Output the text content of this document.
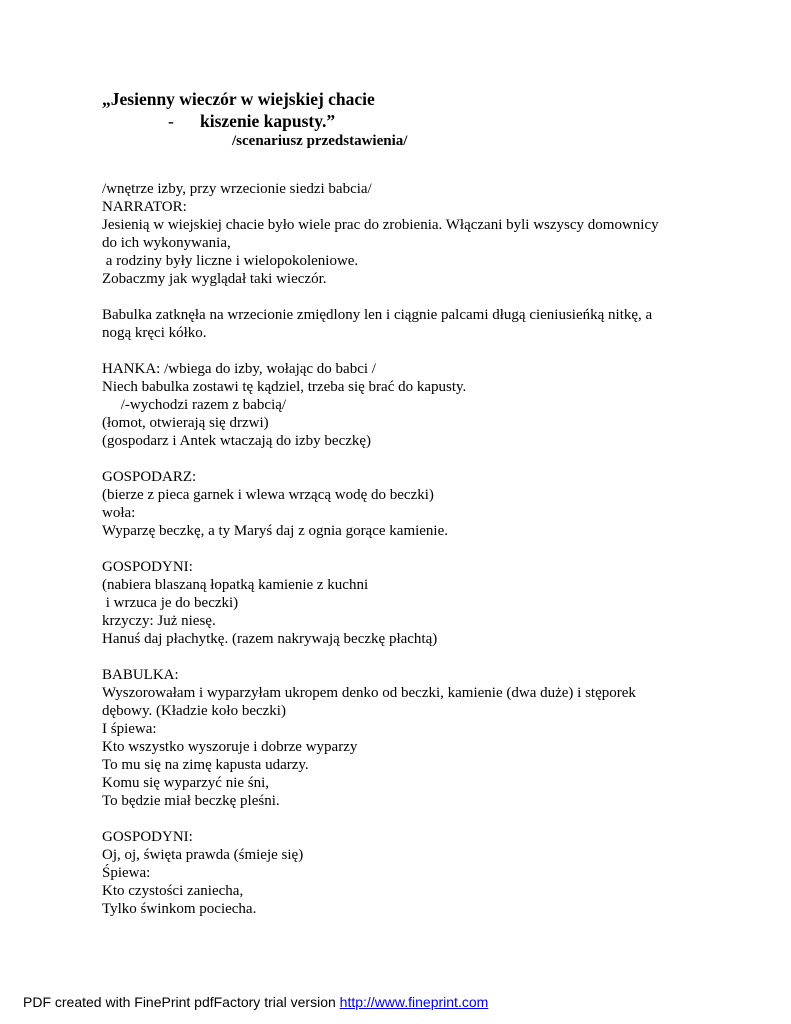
„Jesienny wieczór w wiejskiej chacie

- kiszenie kapusty.”

/scenariusz przedstawienia/

/wnętrze izby, przy wrzecionie siedzi babcia/
NARRATOR:
Jesienią w wiejskiej chacie było wiele prac do zrobienia. Włączani byli wszyscy domownicy
do ich wykonywania,
a rodziny były liczne i wielopokoleniowe.
Zobaczmy jak wyglądał taki wieczór.
Babulka zatknęła na wrzecionie zmiędlony len i ciągnie palcami długą cieniusieńką nitkę, a
nogą kręci kółko.
HANKA: /wbiega do izby, wołając do babci /
Niech babulka zostawi tę kądziel, trzeba się brać do kapusty.
/-wychodzi razem z babcią/
(łomot, otwierają się drzwi)
(gospodarz i Antek wtaczają do izby beczkę)
GOSPODARZ:
(bierze z pieca garnek i wlewa wrzącą wodę do beczki)
woła:
Wyparzę beczkę, a ty Maryś daj z ognia gorące kamienie.
GOSPODYNI:
(nabiera blaszaną łopatką kamienie z kuchni
i wrzuca je do beczki)
krzyczy: Już niesę.
Hanuś daj płachytkę. (razem nakrywają beczkę płachtą)
BABULKA:
Wyszorowałam i wyparzyłam ukropem denko od beczki, kamienie (dwa duże) i stęporek
dębowy. (Kładzie koło beczki)
I śpiewa:
Kto wszystko wyszoruje i dobrze wyparzy
To mu się na zimę kapusta udarzy.
Komu się wyparzyć nie śni,
To będzie miał beczkę pleśni.
GOSPODYNI:
Oj, oj, święta prawda (śmieje się)
Śpiewa:
Kto czystości zaniecha,
Tylko świnkom pociecha.
PDF created with FinePrint pdfFactory trial version http://www.fineprint.com
